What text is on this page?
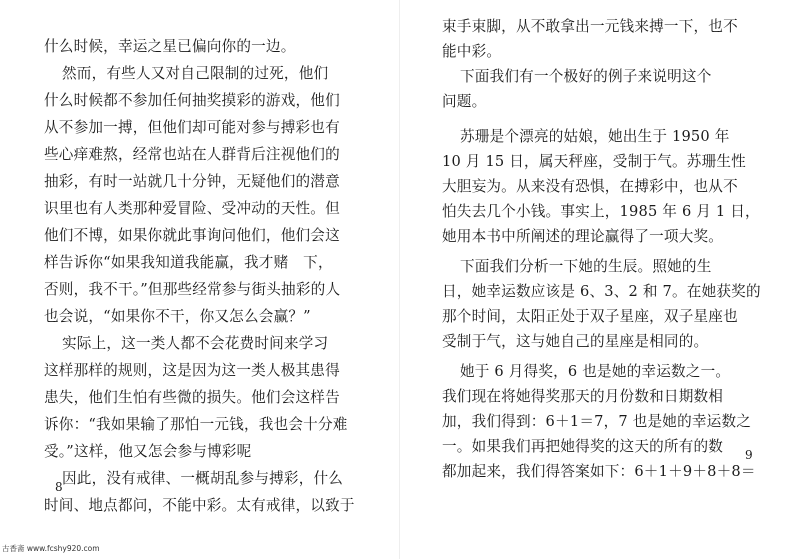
什么时候，幸运之星已偏向你的一边。
然而，有些人又对自己限制的过死，他们
什么时候都不参加任何抽奖摸彩的游戏，他们
从不参加一搏，但他们却可能对参与搏彩也有
些心痒难熬，经常也站在人群背后注视他们的
抽彩，有时一站就几十分钟，无疑他们的潜意
识里也有人类那种爱冒险、受冲动的天性。但
他们不博，如果你就此事询问他们，他们会这
样告诉你“如果我知道我能赢，我才赌　下，
否则，我不干。”但那些经常参与街头抽彩的人
也会说，“如果你不干，你又怎么会赢？”
实际上，这一类人都不会花费时间来学习
这样那样的规则，这是因为这一类人极其患得
患失，他们生怕有些微的损失。他们会这样告
诉你：“我如果输了那怕一元钱，我也会十分难
受。”这样，他又怎会参与博彩呢
因此，没有戒律、一概胡乱参与搏彩，什么
时间、地点都问，不能中彩。太有戒律，以致于
8
束手束脚，从不敢拿出一元钱来搏一下，也不
能中彩。
下面我们有一个极好的例子来说明这个
问题。
苏珊是个漂亮的姑娘，她出生于 1950 年
10 月 15 日，属天秤座，受制于气。苏珊生性
大胆妄为。从来没有恐惧，在搏彩中，也从不
怕失去几个小钱。事实上，1985 年 6 月 1 日，
她用本书中所阐述的理论赢得了一项大奖。
下面我们分析一下她的生辰。照她的生
日，她幸运数应该是 6、3、2 和 7。在她获奖的
那个时间，太阳正处于双子星座，双子星座也
受制于气，这与她自己的星座是相同的。
她于 6 月得奖，6 也是她的幸运数之一。
我们现在将她得奖那天的月份数和日期数相
加，我们得到：6＋1＝7，7 也是她的幸运数之
一。如果我们再把她得奖的这天的所有的数
都加起来，我们得答案如下：6＋1＋9＋8＋8＝
9
古香斋 www.fcshy920.com
